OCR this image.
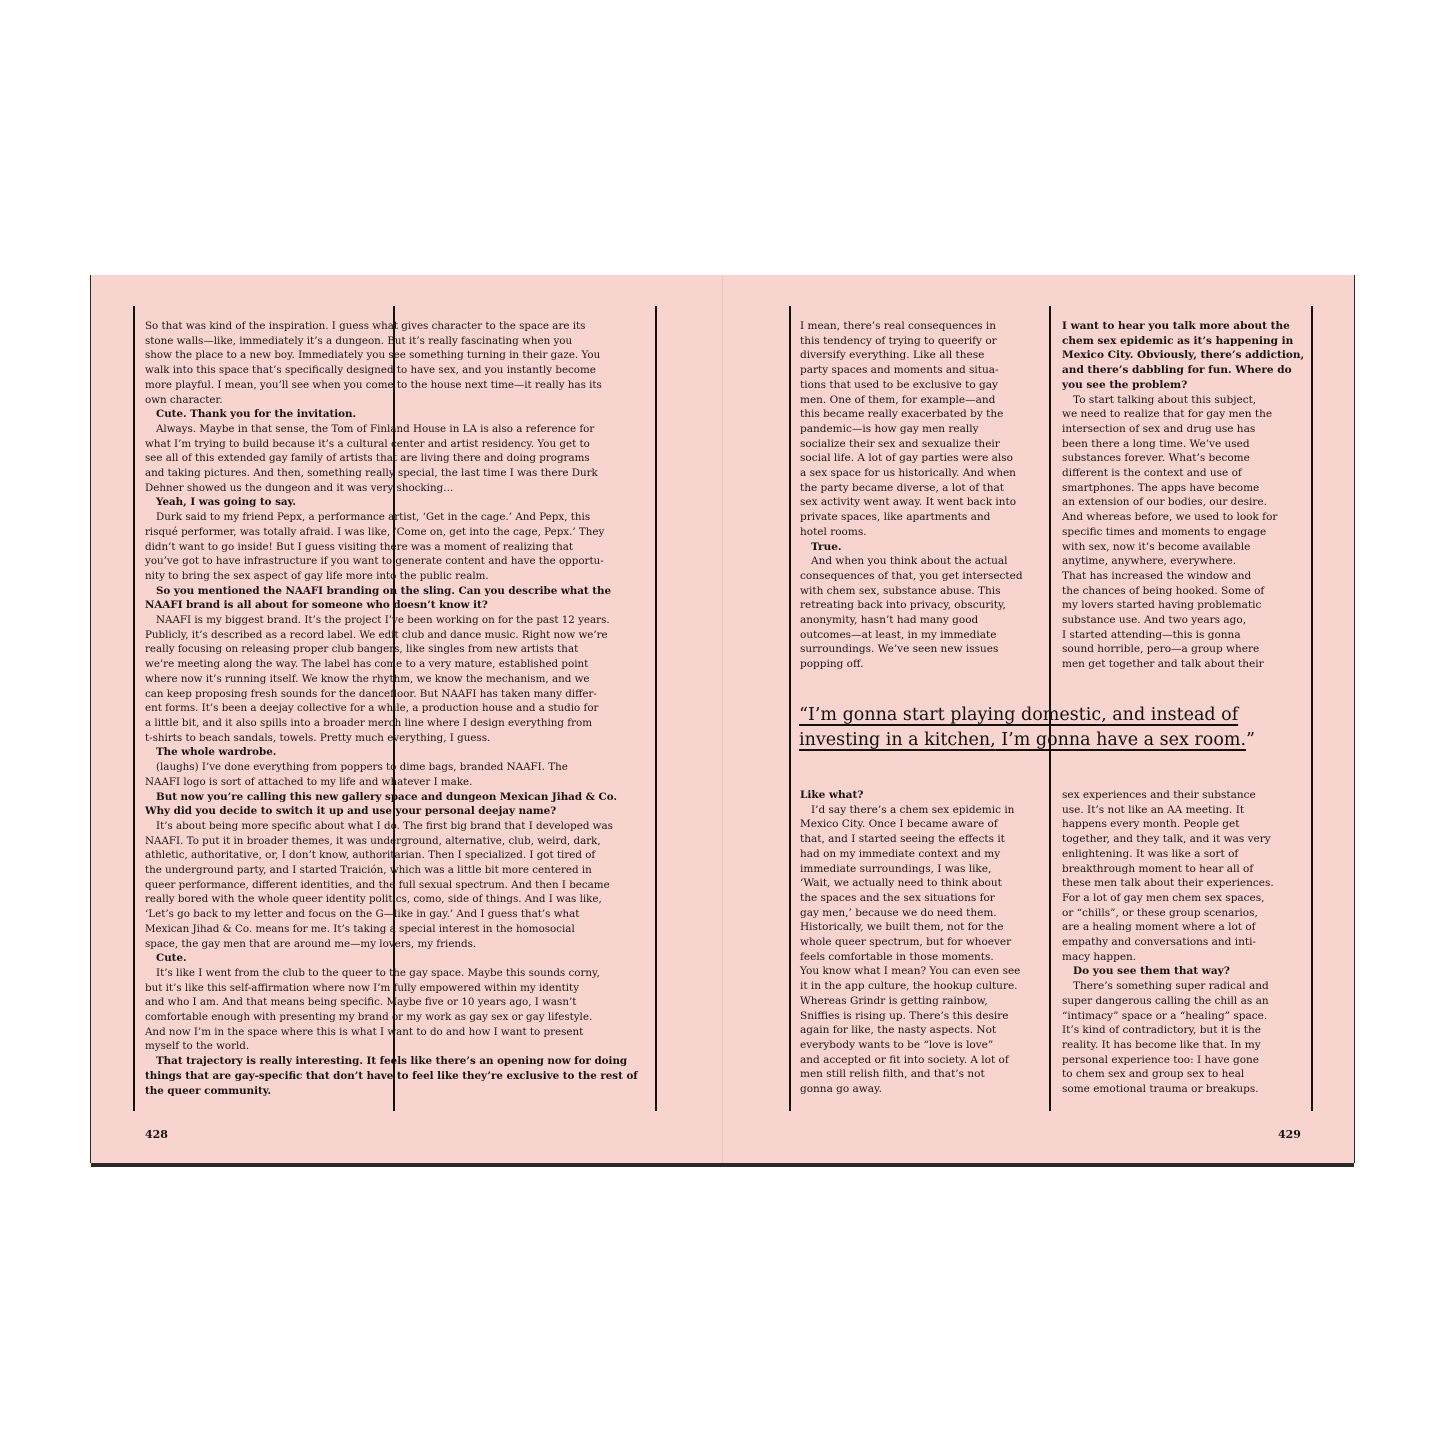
So that was kind of the inspiration. I guess what gives character to the space are its

stone walls—like, immediately it’s a dungeon. But it’s really fascinating when you

show the place to a new boy. Immediately you see something turning in their gaze. You

walk into this space that’s specifically designed to have sex, and you instantly become

more playful. I mean, you’ll see when you come to the house next time—it really has its

own character.

Cute. Thank you for the invitation.

Always. Maybe in that sense, the Tom of Finland House in LA is also a reference for

what I’m trying to build because it’s a cultural center and artist residency. You get to

see all of this extended gay family of artists that are living there and doing programs

and taking pictures. And then, something really special, the last time I was there Durk

Dehner showed us the dungeon and it was very shocking…

Yeah, I was going to say.

Durk said to my friend Pepx, a performance artist, ‘Get in the cage.’ And Pepx, this

risqué performer, was totally afraid. I was like, ‘Come on, get into the cage, Pepx.’ They

didn’t want to go inside! But I guess visiting there was a moment of realizing that

you’ve got to have infrastructure if you want to generate content and have the opportu-

nity to bring the sex aspect of gay life more into the public realm.

So you mentioned the NAAFI branding on the sling. Can you describe what the

NAAFI brand is all about for someone who doesn’t know it?

NAAFI is my biggest brand. It’s the project I’ve been working on for the past 12 years.

Publicly, it’s described as a record label. We edit club and dance music. Right now we’re

really focusing on releasing proper club bangers, like singles from new artists that

we’re meeting along the way. The label has come to a very mature, established point

where now it’s running itself. We know the rhythm, we know the mechanism, and we

can keep proposing fresh sounds for the dancefloor. But NAAFI has taken many differ-

ent forms. It’s been a deejay collective for a while, a production house and a studio for

a little bit, and it also spills into a broader merch line where I design everything from

t-shirts to beach sandals, towels. Pretty much everything, I guess.

The whole wardrobe.

(laughs) I’ve done everything from poppers to dime bags, branded NAAFI. The

NAAFI logo is sort of attached to my life and whatever I make.

But now you’re calling this new gallery space and dungeon Mexican Jihad & Co.

Why did you decide to switch it up and use your personal deejay name?

It’s about being more specific about what I do. The first big brand that I developed was

NAAFI. To put it in broader themes, it was underground, alternative, club, weird, dark,

athletic, authoritative, or, I don’t know, authoritarian. Then I specialized. I got tired of

the underground party, and I started Traición, which was a little bit more centered in

queer performance, different identities, and the full sexual spectrum. And then I became

really bored with the whole queer identity politics, como, side of things. And I was like,

‘Let’s go back to my letter and focus on the G—like in gay.’ And I guess that’s what

Mexican Jihad & Co. means for me. It’s taking a special interest in the homosocial

space, the gay men that are around me—my lovers, my friends.

Cute.

It’s like I went from the club to the queer to the gay space. Maybe this sounds corny,

but it’s like this self-affirmation where now I’m fully empowered within my identity

and who I am. And that means being specific. Maybe five or 10 years ago, I wasn’t

comfortable enough with presenting my brand or my work as gay sex or gay lifestyle.

And now I’m in the space where this is what I want to do and how I want to present

myself to the world.

That trajectory is really interesting. It feels like there’s an opening now for doing

things that are gay-specific that don’t have to feel like they’re exclusive to the rest of

the queer community.

I mean, there’s real consequences in

this tendency of trying to queerify or

diversify everything. Like all these

party spaces and moments and situa-

tions that used to be exclusive to gay

men. One of them, for example—and

this became really exacerbated by the

pandemic—is how gay men really

socialize their sex and sexualize their

social life. A lot of gay parties were also

a sex space for us historically. And when

the party became diverse, a lot of that

sex activity went away. It went back into

private spaces, like apartments and

hotel rooms.

True.

And when you think about the actual

consequences of that, you get intersected

with chem sex, substance abuse. This

retreating back into privacy, obscurity,

anonymity, hasn’t had many good

outcomes—at least, in my immediate

surroundings. We’ve seen new issues

popping off.

I want to hear you talk more about the

chem sex epidemic as it’s happening in

Mexico City. Obviously, there’s addiction,

and there’s dabbling for fun. Where do

you see the problem?

To start talking about this subject,

we need to realize that for gay men the

intersection of sex and drug use has

been there a long time. We’ve used

substances forever. What’s become

different is the context and use of

smartphones. The apps have become

an extension of our bodies, our desire.

And whereas before, we used to look for

specific times and moments to engage

with sex, now it’s become available

anytime, anywhere, everywhere.

That has increased the window and

the chances of being hooked. Some of

my lovers started having problematic

substance use. And two years ago,

I started attending—this is gonna

sound horrible, pero—a group where

men get together and talk about their

“I’m gonna start playing domestic, and instead of
investing in a kitchen, I’m gonna have a sex room.”

Like what?

I’d say there’s a chem sex epidemic in

Mexico City. Once I became aware of

that, and I started seeing the effects it

had on my immediate context and my

immediate surroundings, I was like,

‘Wait, we actually need to think about

the spaces and the sex situations for

gay men,’ because we do need them.

Historically, we built them, not for the

whole queer spectrum, but for whoever

feels comfortable in those moments.

You know what I mean? You can even see

it in the app culture, the hookup culture.

Whereas Grindr is getting rainbow,

Sniffies is rising up. There’s this desire

again for like, the nasty aspects. Not

everybody wants to be “love is love”

and accepted or fit into society. A lot of

men still relish filth, and that’s not

gonna go away.

sex experiences and their substance

use. It’s not like an AA meeting. It

happens every month. People get

together, and they talk, and it was very

enlightening. It was like a sort of

breakthrough moment to hear all of

these men talk about their experiences.

For a lot of gay men chem sex spaces,

or “chills”, or these group scenarios,

are a healing moment where a lot of

empathy and conversations and inti-

macy happen.

Do you see them that way?

There’s something super radical and

super dangerous calling the chill as an

“intimacy” space or a “healing” space.

It’s kind of contradictory, but it is the

reality. It has become like that. In my

personal experience too: I have gone

to chem sex and group sex to heal

some emotional trauma or breakups.

428	429
